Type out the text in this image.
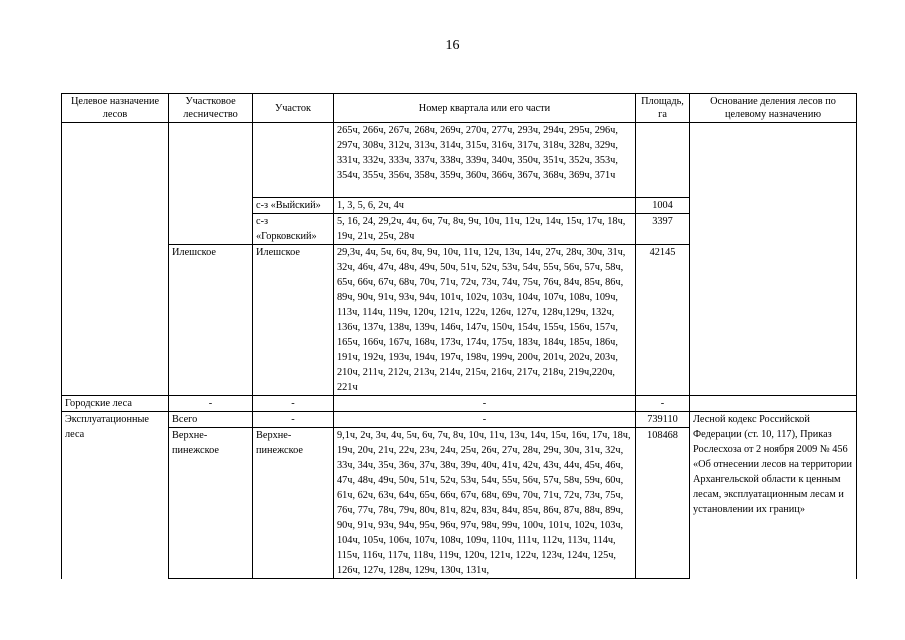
16
Целевое назначение лесов	Участковое лесничество	Участок	Номер квартала или его части	Площадь, га	Основание деления лесов по целевому назначению
			265ч, 266ч, 267ч, 268ч, 269ч, 270ч, 277ч, 293ч, 294ч, 295ч, 296ч, 297ч, 308ч, 312ч, 313ч, 314ч, 315ч, 316ч, 317ч, 318ч, 328ч, 329ч, 331ч, 332ч, 333ч, 337ч, 338ч, 339ч, 340ч, 350ч, 351ч, 352ч, 353ч, 354ч, 355ч, 356ч, 358ч, 359ч, 360ч, 366ч, 367ч, 368ч, 369ч, 371ч		
		с-з «Выйский»	1, 3, 5, 6, 2ч, 4ч	1004	
		с-з «Горковский»	5, 16, 24, 29,2ч, 4ч, 6ч, 7ч, 8ч, 9ч, 10ч, 11ч, 12ч, 14ч, 15ч, 17ч, 18ч, 19ч, 21ч, 25ч, 28ч	3397	
	Илешское	Илешское	29,3ч, 4ч, 5ч, 6ч, 8ч, 9ч, 10ч, 11ч, 12ч, 13ч, 14ч, 27ч, 28ч, 30ч, 31ч, 32ч, 46ч, 47ч, 48ч, 49ч, 50ч, 51ч, 52ч, 53ч, 54ч, 55ч, 56ч, 57ч, 58ч, 65ч, 66ч, 67ч, 68ч, 70ч, 71ч, 72ч, 73ч, 74ч, 75ч, 76ч, 84ч, 85ч, 86ч, 89ч, 90ч, 91ч, 93ч, 94ч, 101ч, 102ч, 103ч, 104ч, 107ч, 108ч, 109ч, 113ч, 114ч, 119ч, 120ч, 121ч, 122ч, 126ч, 127ч, 128ч,129ч, 132ч, 136ч, 137ч, 138ч, 139ч, 146ч, 147ч, 150ч, 154ч, 155ч, 156ч, 157ч, 165ч, 166ч, 167ч, 168ч, 173ч, 174ч, 175ч, 183ч, 184ч, 185ч, 186ч, 191ч, 192ч, 193ч, 194ч, 197ч, 198ч, 199ч, 200ч, 201ч, 202ч, 203ч, 210ч, 211ч, 212ч, 213ч, 214ч, 215ч, 216ч, 217ч, 218ч, 219ч,220ч, 221ч	42145	
Городские леса	-	-	-	-	
Эксплуатационные леса	Всего	-	-	739110	Лесной кодекс Российской Федерации (ст. 10, 117), Приказ Рослесхоза от 2 ноября 2009 № 456 «Об отнесении лесов на территории Архангельской области к ценным лесам, эксплуатационным лесам и установлении их границ»
	Верхне-пинежское	Верхне-пинежское	9,1ч, 2ч, 3ч, 4ч, 5ч, 6ч, 7ч, 8ч, 10ч, 11ч, 13ч, 14ч, 15ч, 16ч, 17ч, 18ч, 19ч, 20ч, 21ч, 22ч, 23ч, 24ч, 25ч, 26ч, 27ч, 28ч, 29ч, 30ч, 31ч, 32ч, 33ч, 34ч, 35ч, 36ч, 37ч, 38ч, 39ч, 40ч, 41ч, 42ч, 43ч, 44ч, 45ч, 46ч, 47ч, 48ч, 49ч, 50ч, 51ч, 52ч, 53ч, 54ч, 55ч, 56ч, 57ч, 58ч, 59ч, 60ч, 61ч, 62ч, 63ч, 64ч, 65ч, 66ч, 67ч, 68ч, 69ч, 70ч, 71ч, 72ч, 73ч, 75ч, 76ч, 77ч, 78ч, 79ч, 80ч, 81ч, 82ч, 83ч, 84ч, 85ч, 86ч, 87ч, 88ч, 89ч, 90ч, 91ч, 93ч, 94ч, 95ч, 96ч, 97ч, 98ч, 99ч, 100ч, 101ч, 102ч, 103ч, 104ч, 105ч, 106ч, 107ч, 108ч, 109ч, 110ч, 111ч, 112ч, 113ч, 114ч, 115ч, 116ч, 117ч, 118ч, 119ч, 120ч, 121ч, 122ч, 123ч, 124ч, 125ч, 126ч, 127ч, 128ч, 129ч, 130ч, 131ч,	108468	
